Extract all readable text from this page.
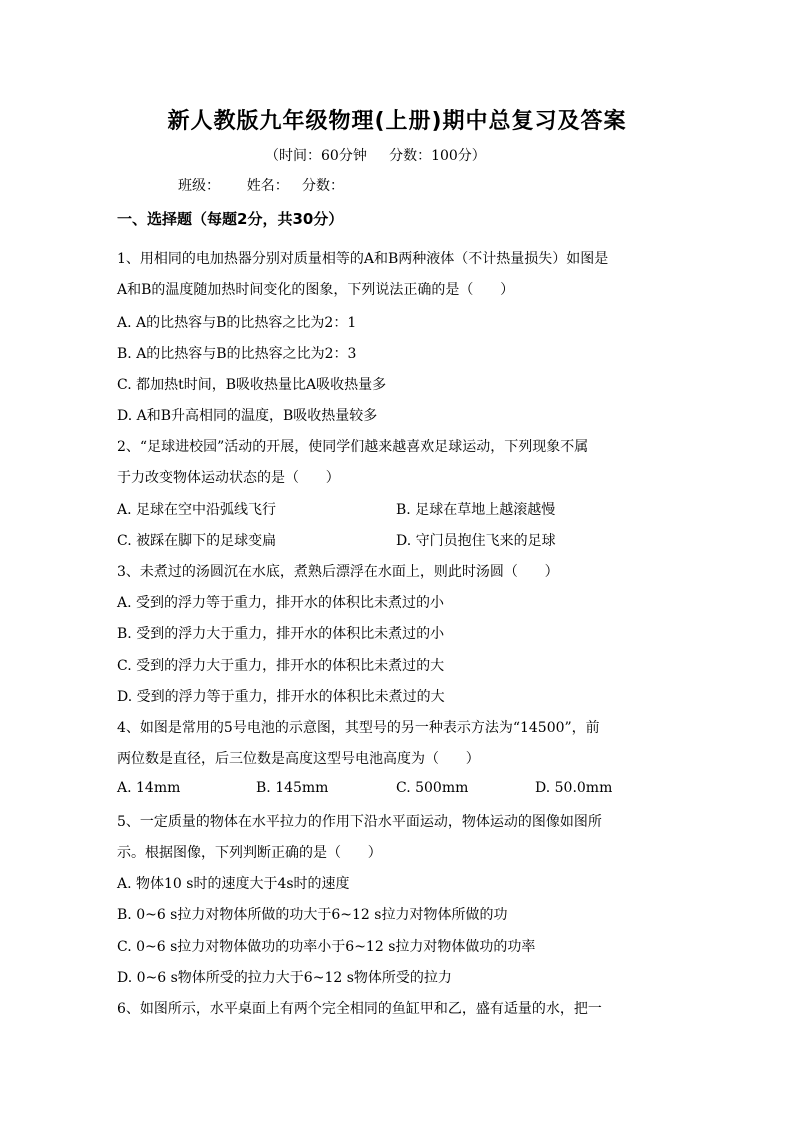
新人教版九年级物理(上册)期中总复习及答案
（时间：60分钟     分数：100分）
班级：      姓名：   分数：
一、选择题（每题2分，共30分）
1、用相同的电加热器分别对质量相等的A和B两种液体（不计热量损失）如图是
A和B的温度随加热时间变化的图象，下列说法正确的是（      ）
A. A的比热容与B的比热容之比为2：1
B. A的比热容与B的比热容之比为2：3
C. 都加热t时间，B吸收热量比A吸收热量多
D. A和B升高相同的温度，B吸收热量较多
2、“足球进校园”活动的开展，使同学们越来越喜欢足球运动，下列现象不属
于力改变物体运动状态的是（      ）
A. 足球在空中沿弧线飞行	B. 足球在草地上越滚越慢
C. 被踩在脚下的足球变扁	D. 守门员抱住飞来的足球
3、未煮过的汤圆沉在水底，煮熟后漂浮在水面上，则此时汤圆（      ）
A. 受到的浮力等于重力，排开水的体积比未煮过的小
B. 受到的浮力大于重力，排开水的体积比未煮过的小
C. 受到的浮力大于重力，排开水的体积比未煮过的大
D. 受到的浮力等于重力，排开水的体积比未煮过的大
4、如图是常用的5号电池的示意图，其型号的另一种表示方法为“14500”，前
两位数是直径，后三位数是高度这型号电池高度为（      ）
A. 14mm	B. 145mm	C. 500mm	D. 50.0mm
5、一定质量的物体在水平拉力的作用下沿水平面运动，物体运动的图像如图所
示。根据图像，下列判断正确的是（      ）
A. 物体10 s时的速度大于4s时的速度
B. 0~6 s拉力对物体所做的功大于6~12 s拉力对物体所做的功
C. 0~6 s拉力对物体做功的功率小于6~12 s拉力对物体做功的功率
D. 0~6 s物体所受的拉力大于6~12 s物体所受的拉力
6、如图所示，水平桌面上有两个完全相同的鱼缸甲和乙，盛有适量的水，把一
